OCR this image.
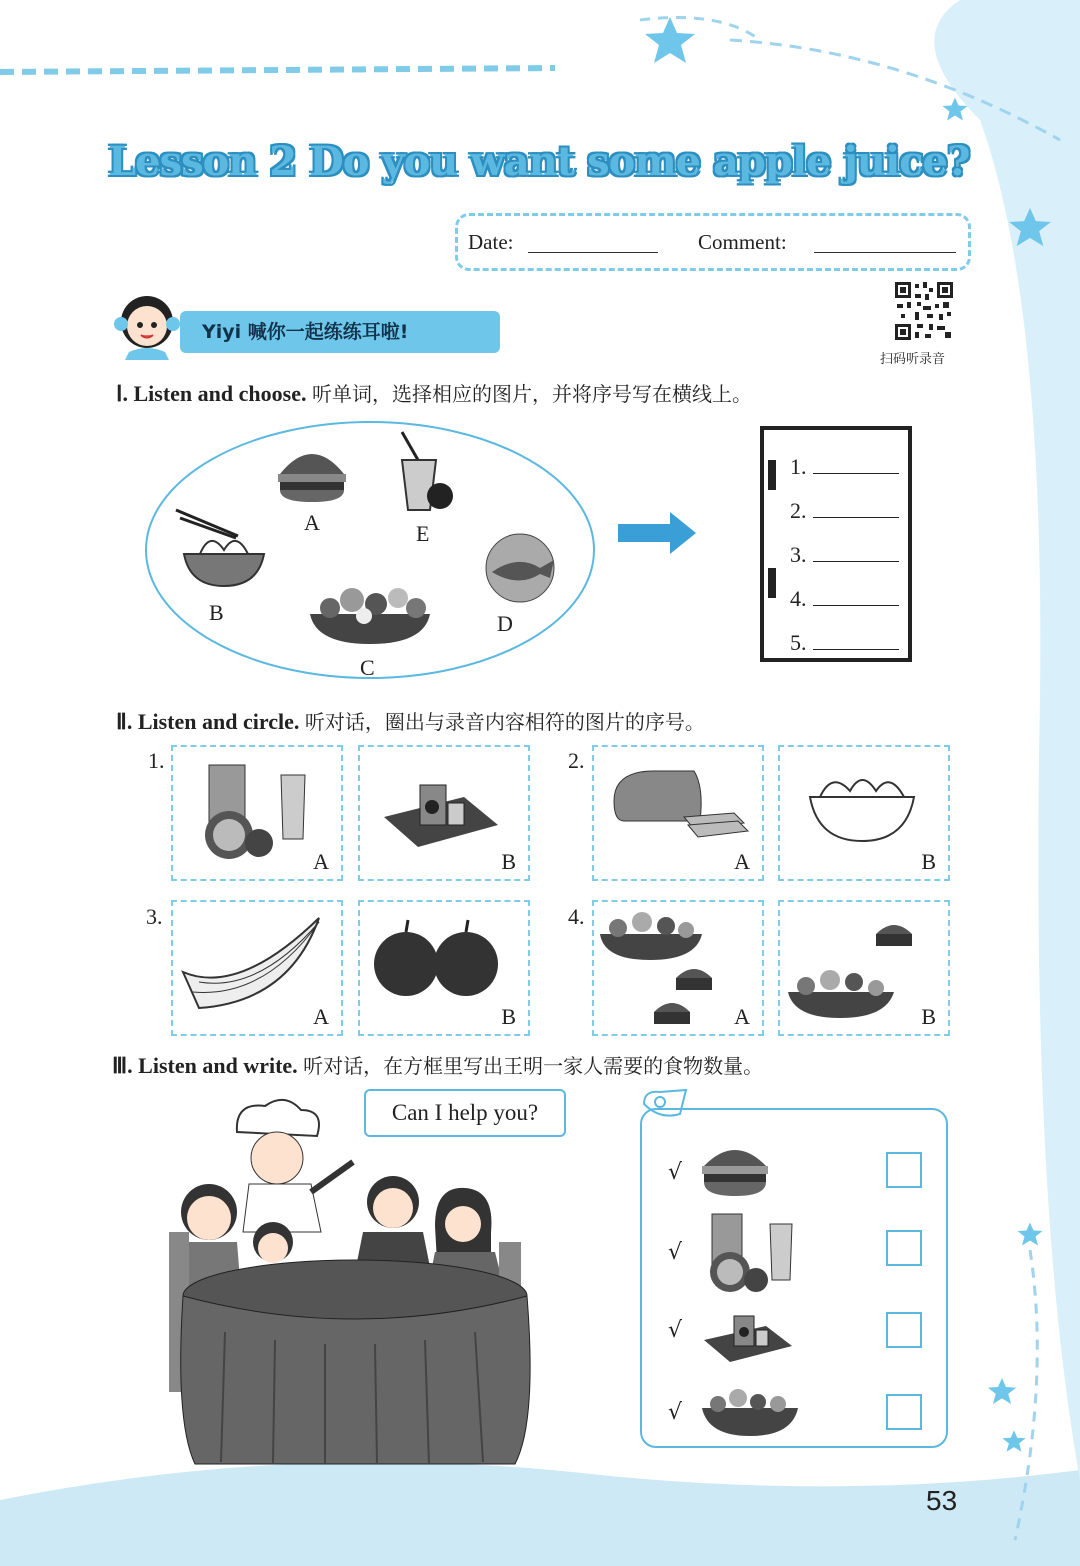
Lesson 2 Do you want some apple juice?
Date:	Comment:
扫码听录音
Yiyi 喊你一起练练耳啦!
Ⅰ. Listen and choose. 听单词，选择相应的图片，并将序号写在横线上。
A	E
B	D
C
1.
2.
3.
4.
5.
Ⅱ. Listen and circle. 听对话，圈出与录音内容相符的图片的序号。
1.	2.
3.	4.
A	B	A	B
A	B	A	B
Ⅲ. Listen and write. 听对话，在方框里写出王明一家人需要的食物数量。
Can I help you?
√
√
√
√
53
